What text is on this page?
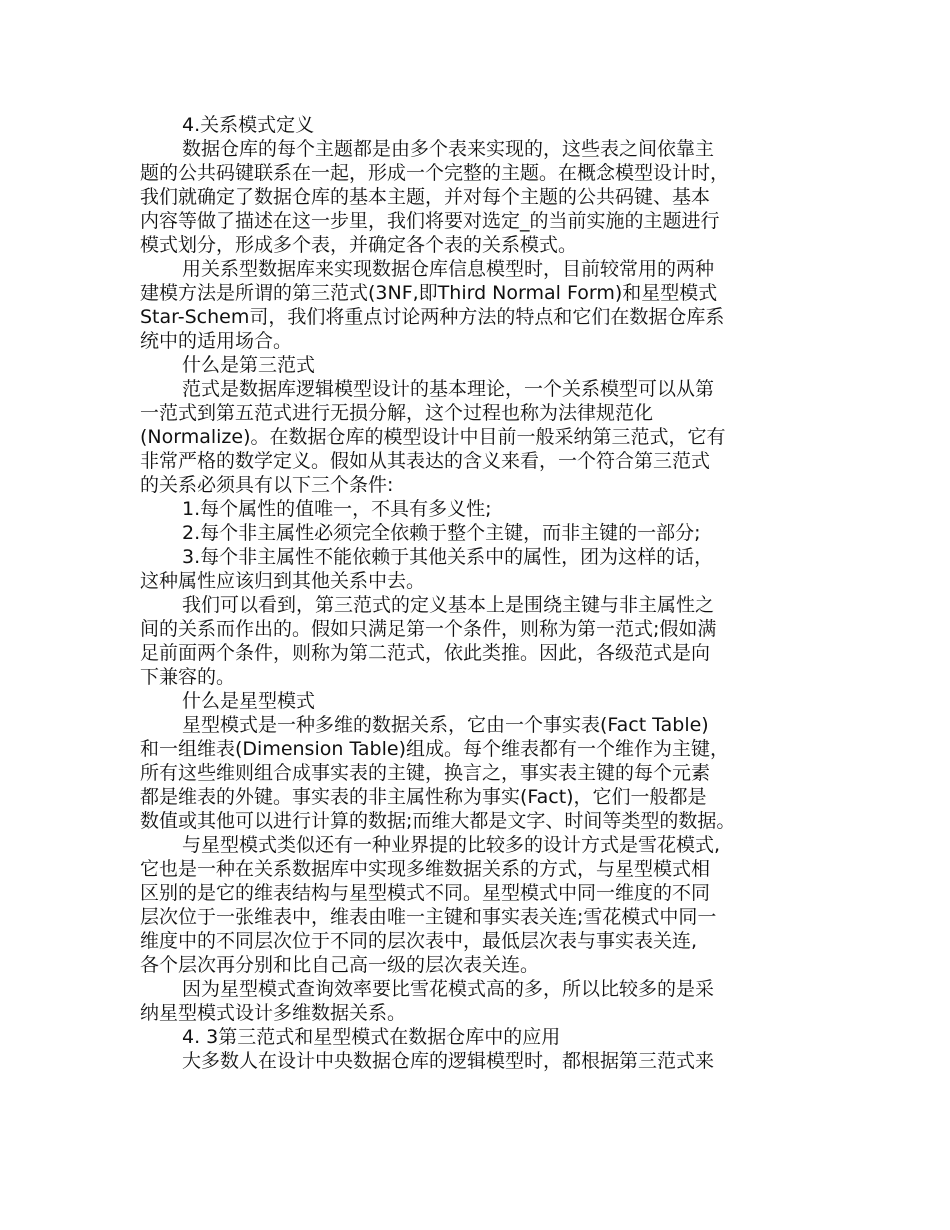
4.关系模式定义
数据仓库的每个主题都是由多个表来实现的，这些表之间依靠主
题的公共码键联系在一起，形成一个完整的主题。在概念模型设计时，
我们就确定了数据仓库的基本主题，并对每个主题的公共码键、基本
内容等做了描述在这一步里，我们将要对选定_的当前实施的主题进行
模式划分，形成多个表，并确定各个表的关系模式。
用关系型数据库来实现数据仓库信息模型时，目前较常用的两种
建模方法是所谓的第三范式(3NF,即Third Normal Form)和星型模式
Star-Schem司，我们将重点讨论两种方法的特点和它们在数据仓库系
统中的适用场合。
什么是第三范式
范式是数据库逻辑模型设计的基本理论，一个关系模型可以从第
一范式到第五范式进行无损分解，这个过程也称为法律规范化
(Normalize)。在数据仓库的模型设计中目前一般采纳第三范式，它有
非常严格的数学定义。假如从其表达的含义来看，一个符合第三范式
的关系必须具有以下三个条件:
1.每个属性的值唯一，不具有多义性;
2.每个非主属性必须完全依赖于整个主键，而非主键的一部分;
3.每个非主属性不能依赖于其他关系中的属性，团为这样的话，
这种属性应该归到其他关系中去。
我们可以看到，第三范式的定义基本上是围绕主键与非主属性之
间的关系而作出的。假如只满足第一个条件，则称为第一范式;假如满
足前面两个条件，则称为第二范式，依此类推。因此，各级范式是向
下兼容的。
什么是星型模式
星型模式是一种多维的数据关系，它由一个事实表(Fact Table)
和一组维表(Dimension Table)组成。每个维表都有一个维作为主键，
所有这些维则组合成事实表的主键，换言之，事实表主键的每个元素
都是维表的外键。事实表的非主属性称为事实(Fact)，它们一般都是
数值或其他可以进行计算的数据;而维大都是文字、时间等类型的数据。
与星型模式类似还有一种业界提的比较多的设计方式是雪花模式,
它也是一种在关系数据库中实现多维数据关系的方式，与星型模式相
区别的是它的维表结构与星型模式不同。星型模式中同一维度的不同
层次位于一张维表中，维表由唯一主键和事实表关连;雪花模式中同一
维度中的不同层次位于不同的层次表中，最低层次表与事实表关连,
各个层次再分别和比自己高一级的层次表关连。
因为星型模式查询效率要比雪花模式高的多，所以比较多的是采
纳星型模式设计多维数据关系。
4. 3第三范式和星型模式在数据仓库中的应用
大多数人在设计中央数据仓库的逻辑模型时，都根据第三范式来
